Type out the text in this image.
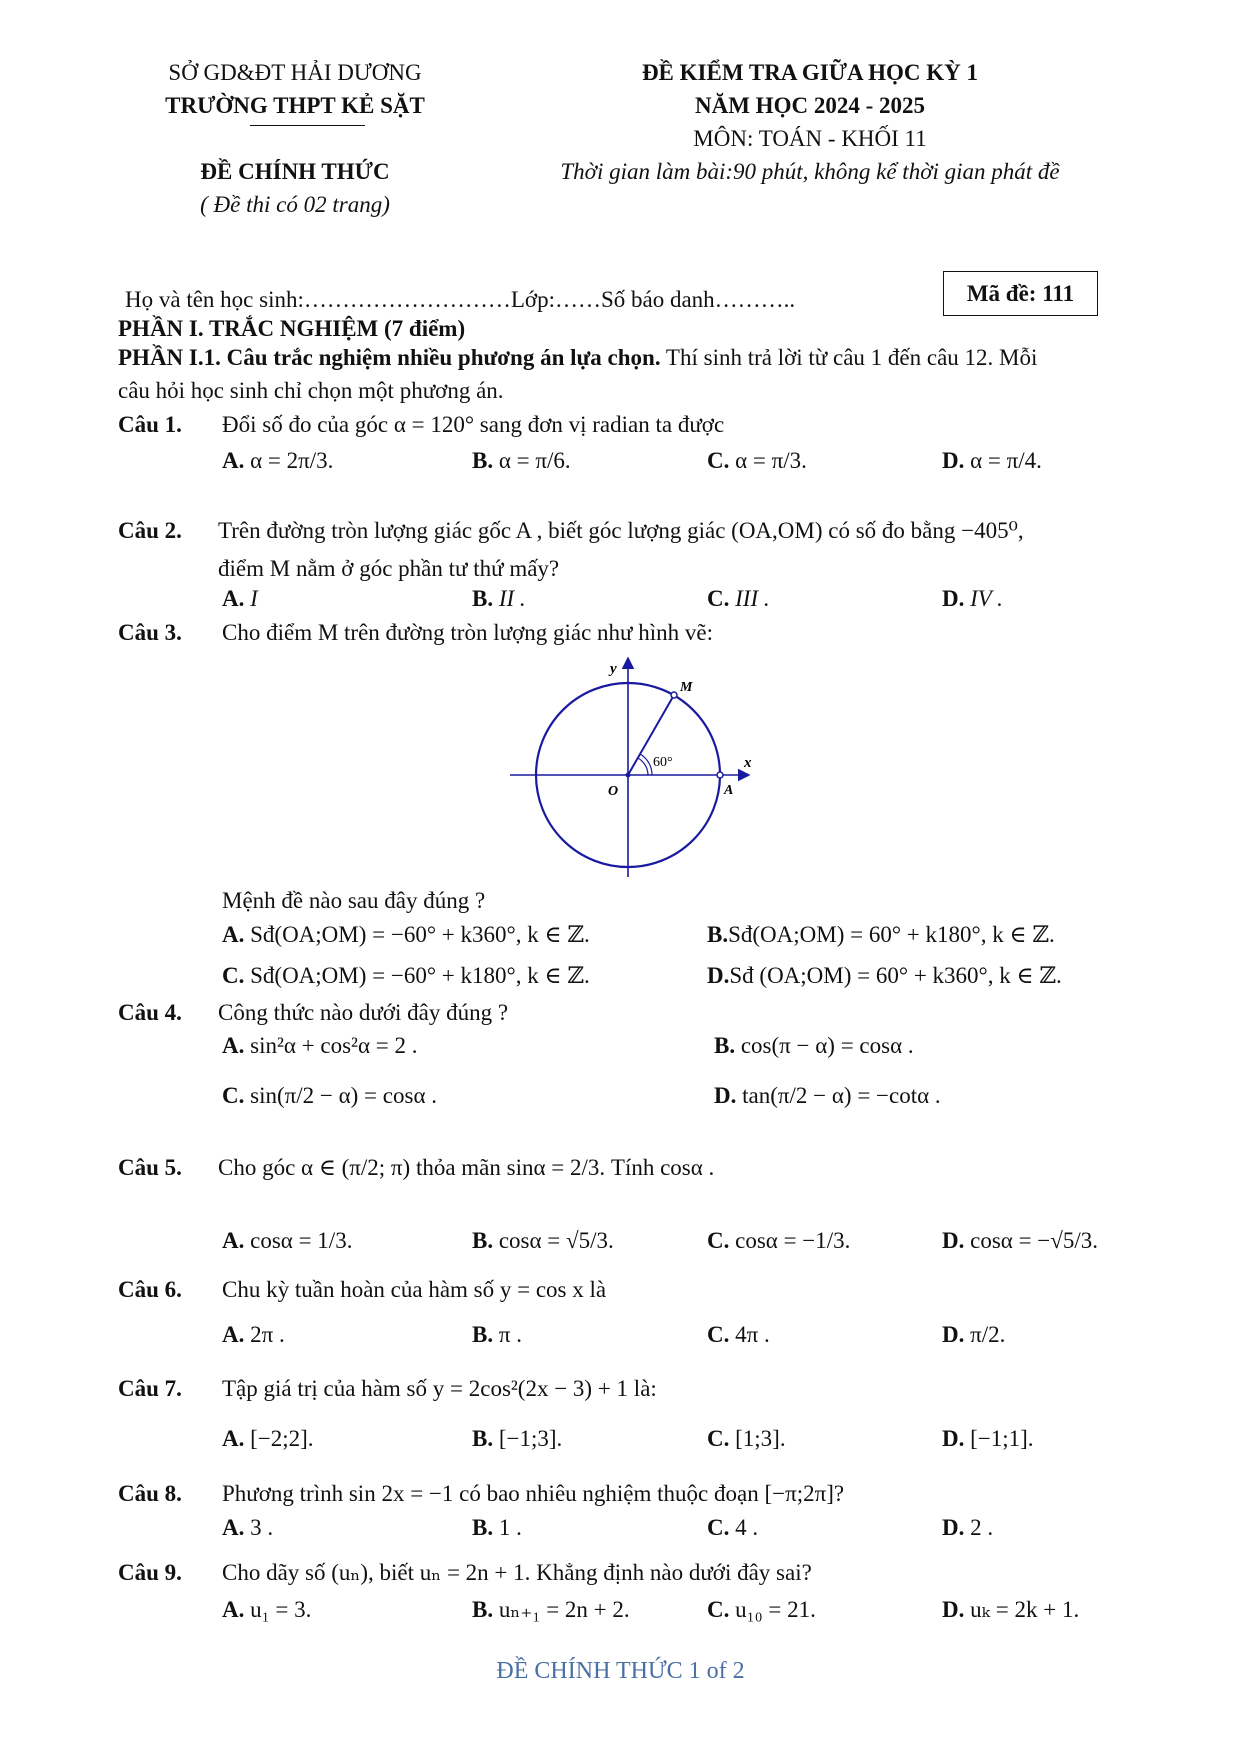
SỞ GD&ĐT HẢI DƯƠNG
TRƯỜNG THPT KẺ SẶT
ĐỀ CHÍNH THỨC
( Đề thi có 02 trang)
ĐỀ KIỂM TRA GIỮA HỌC KỲ 1
NĂM HỌC 2024 - 2025
MÔN: TOÁN - KHỐI 11
Thời gian làm bài:90 phút, không kể thời gian phát đề
Họ và tên học sinh:………………………Lớp:……Số báo danh………..	Mã đề: 111
PHẦN I. TRẮC NGHIỆM (7 điểm)
PHẦN I.1. Câu trắc nghiệm nhiều phương án lựa chọn. Thí sinh trả lời từ câu 1 đến câu 12. Mỗi
câu hỏi học sinh chỉ chọn một phương án.
Câu 1. Đổi số đo của góc α = 120° sang đơn vị radian ta được
A. α = 2π/3.	B. α = π/6.	C. α = π/3.	D. α = π/4.
Câu 2. Trên đường tròn lượng giác gốc A , biết góc lượng giác (OA,OM) có số đo bằng −405⁰,
điểm M nằm ở góc phần tư thứ mấy?
A. I	B. II .	C. III .	D. IV .
Câu 3. Cho điểm M trên đường tròn lượng giác như hình vẽ:
y
x
M
O	A
60°
Mệnh đề nào sau đây đúng ?
A. Sđ(OA;OM) = −60° + k360°, k ∈ ℤ.	B.Sđ(OA;OM) = 60° + k180°, k ∈ ℤ.
C. Sđ(OA;OM) = −60° + k180°, k ∈ ℤ.	D.Sđ (OA;OM) = 60° + k360°, k ∈ ℤ.
Câu 4. Công thức nào dưới đây đúng ?
A. sin²α + cos²α = 2 .	B. cos(π − α) = cosα .
C. sin(π/2 − α) = cosα .	D. tan(π/2 − α) = −cotα .
Câu 5. Cho góc α ∈ (π/2; π) thỏa mãn sinα = 2/3. Tính cosα .
A. cosα = 1/3.	B. cosα = √5/3.	C. cosα = −1/3.	D. cosα = −√5/3.
Câu 6. Chu kỳ tuần hoàn của hàm số y = cos x là
A. 2π .	B. π .	C. 4π .	D. π/2.
Câu 7. Tập giá trị của hàm số y = 2cos²(2x − 3) + 1 là:
A. [−2;2].	B. [−1;3].	C. [1;3].	D. [−1;1].
Câu 8. Phương trình sin 2x = −1 có bao nhiêu nghiệm thuộc đoạn [−π;2π]?
A. 3 .	B. 1 .	C. 4 .	D. 2 .
Câu 9. Cho dãy số (uₙ), biết uₙ = 2n + 1. Khẳng định nào dưới đây sai?
A. u₁ = 3.	B. uₙ₊₁ = 2n + 2.	C. u₁₀ = 21.	D. uₖ = 2k + 1.
ĐỀ CHÍNH THỨC 1 of 2
